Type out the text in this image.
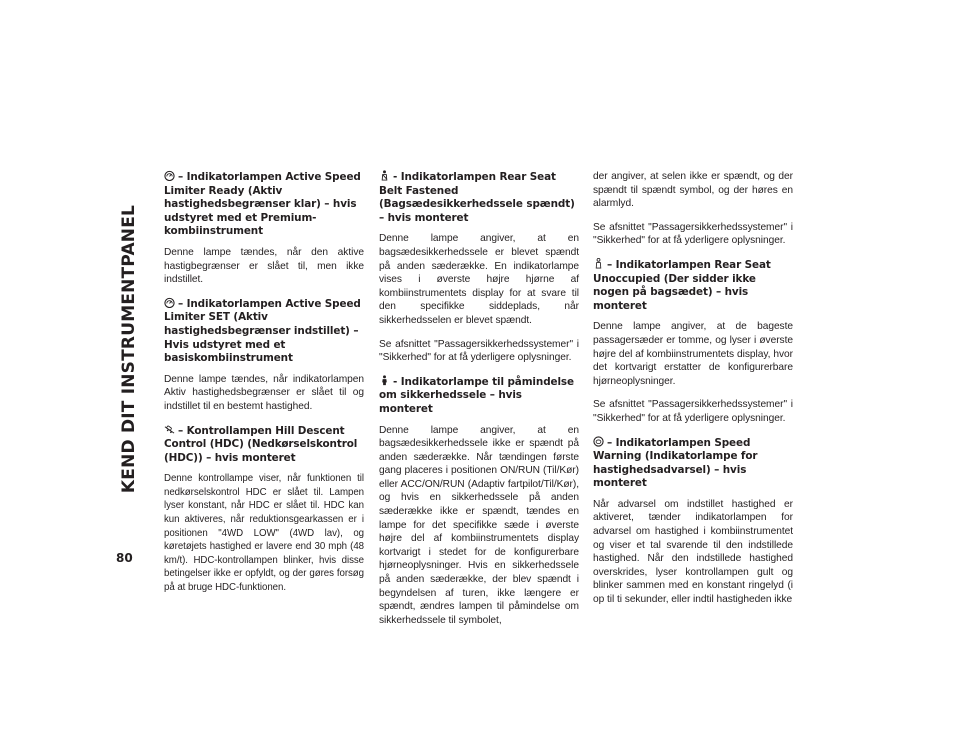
KEND DIT INSTRUMENTPANEL
80
– Indikatorlampen Active Speed Limiter Ready (Aktiv hastighedsbegrænser klar) – hvis udstyret med et Premium-kombiinstrument

Denne lampe tændes, når den aktive hastigbegrænser er slået til, men ikke indstillet.

– Indikatorlampen Active Speed Limiter SET (Aktiv hastighedsbegrænser indstillet) – Hvis udstyret med et basiskombiinstrument

Denne lampe tændes, når indikatorlampen Aktiv hastighedsbegrænser er slået til og indstillet til en bestemt hastighed.

– Kontrollampen Hill Descent Control (HDC) (Nedkørselskontrol (HDC)) – hvis monteret

Denne kontrollampe viser, når funktionen til nedkørselskontrol HDC er slået til. Lampen lyser konstant, når HDC er slået til. HDC kan kun aktiveres, når reduktionsgearkassen er i positionen "4WD LOW" (4WD lav), og køretøjets hastighed er lavere end 30 mph (48 km/t). HDC-kontrollampen blinker, hvis disse betingelser ikke er opfyldt, og der gøres forsøg på at bruge HDC-funktionen.

- Indikatorlampen Rear Seat Belt Fastened (Bagsædesikkerhedssele spændt) – hvis monteret

Denne lampe angiver, at en bagsædesikkerhedssele er blevet spændt på anden sæderække. En indikatorlampe vises i øverste højre hjørne af kombiinstrumentets display for at svare til den specifikke siddeplads, når sikkerhedsselen er blevet spændt.

Se afsnittet "Passagersikkerhedssystemer" i "Sikkerhed" for at få yderligere oplysninger.

- Indikatorlampe til påmindelse om sikkerhedssele – hvis monteret

Denne lampe angiver, at en bagsædesikkerhedssele ikke er spændt på anden sæderække. Når tændingen første gang placeres i positionen ON/RUN (Til/Kør) eller ACC/ON/RUN (Adaptiv fartpilot/Til/Kør), og hvis en sikkerhedssele på anden sæderække ikke er spændt, tændes en lampe for det specifikke sæde i øverste højre del af kombiinstrumentets display kortvarigt i stedet for de konfigurerbare hjørneoplysninger. Hvis en sikkerhedssele på anden sæderække, der blev spændt i begyndelsen af turen, ikke længere er spændt, ændres lampen til påmindelse om sikkerhedssele til symbolet,

der angiver, at selen ikke er spændt, og der spændt til spændt symbol, og der høres en alarmlyd.

Se afsnittet "Passagersikkerhedssystemer" i "Sikkerhed" for at få yderligere oplysninger.

– Indikatorlampen Rear Seat Unoccupied (Der sidder ikke nogen på bagsædet) – hvis monteret

Denne lampe angiver, at de bageste passagersæder er tomme, og lyser i øverste højre del af kombiinstrumentets display, hvor det kortvarigt erstatter de konfigurerbare hjørneoplysninger.

Se afsnittet "Passagersikkerhedssystemer" i "Sikkerhed" for at få yderligere oplysninger.

– Indikatorlampen Speed Warning (Indikatorlampe for hastighedsadvarsel) – hvis monteret

Når advarsel om indstillet hastighed er aktiveret, tænder indikatorlampen for advarsel om hastighed i kombiinstrumentet og viser et tal svarende til den indstillede hastighed. Når den indstillede hastighed overskrides, lyser kontrollampen gult og blinker sammen med en konstant ringelyd (i op til ti sekunder, eller indtil hastigheden ikke
